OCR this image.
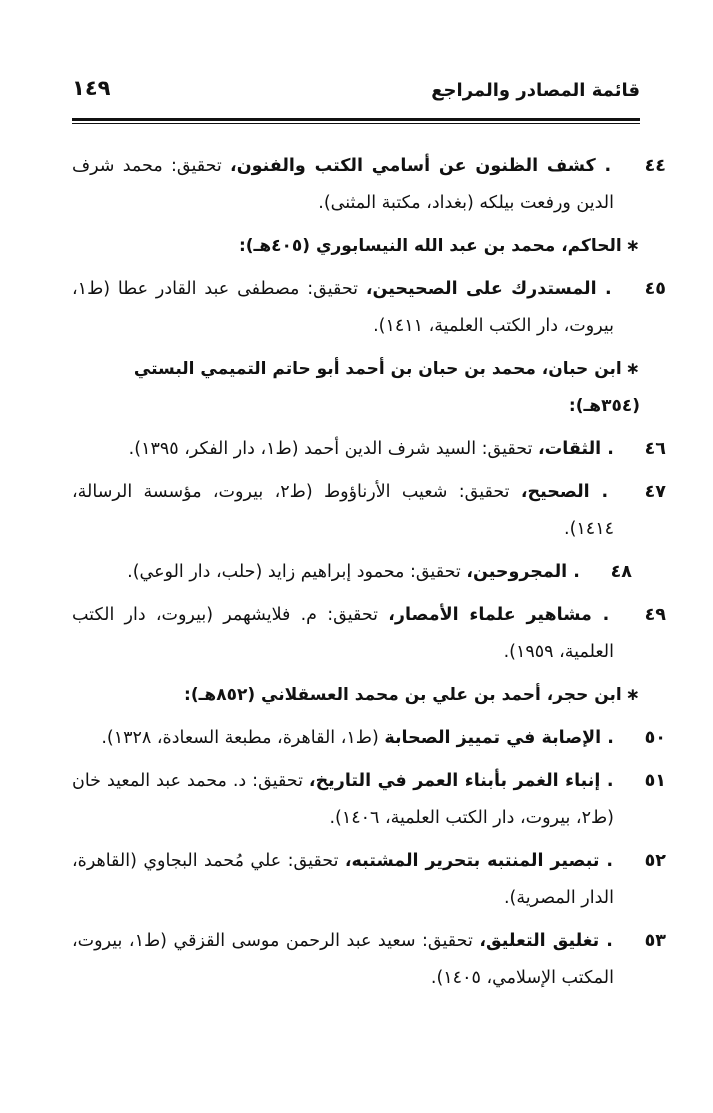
قائمة المصادر والمراجع
١٤٩

٤٤ . كشف الظنون عن أسامي الكتب والفنون، تحقيق: محمد شرف الدين ورفعت بيلكه (بغداد، مكتبة المثنى).

∗الحاكم، محمد بن عبد الله النيسابوري (٤٠٥هـ):

٤٥ . المستدرك على الصحيحين، تحقيق: مصطفى عبد القادر عطا (ط١، بيروت، دار الكتب العلمية، ١٤١١).

∗ابن حبان، محمد بن حبان بن أحمد أبو حاتم التميمي البستي (٣٥٤هـ):

٤٦ . الثقات، تحقيق: السيد شرف الدين أحمد (ط١، دار الفكر، ١٣٩٥).

٤٧ . الصحيح، تحقيق: شعيب الأرناؤوط (ط٢، بيروت، مؤسسة الرسالة، ١٤١٤).

٤٨ . المجروحين، تحقيق: محمود إبراهيم زايد (حلب، دار الوعي).

٤٩ . مشاهير علماء الأمصار، تحقيق: م. فلايشهمر (بيروت، دار الكتب العلمية، ١٩٥٩).

∗ابن حجر، أحمد بن علي بن محمد العسقلاني (٨٥٢هـ):

٥٠ . الإصابة في تمييز الصحابة (ط١، القاهرة، مطبعة السعادة، ١٣٢٨).

٥١ . إنباء الغمر بأبناء العمر في التاريخ، تحقيق: د. محمد عبد المعيد خان (ط٢، بيروت، دار الكتب العلمية، ١٤٠٦).

٥٢ . تبصير المنتبه بتحرير المشتبه، تحقيق: علي مُحمد البجاوي (القاهرة، الدار المصرية).

٥٣ . تغليق التعليق، تحقيق: سعيد عبد الرحمن موسى القزقي (ط١، بيروت، المكتب الإسلامي، ١٤٠٥).
